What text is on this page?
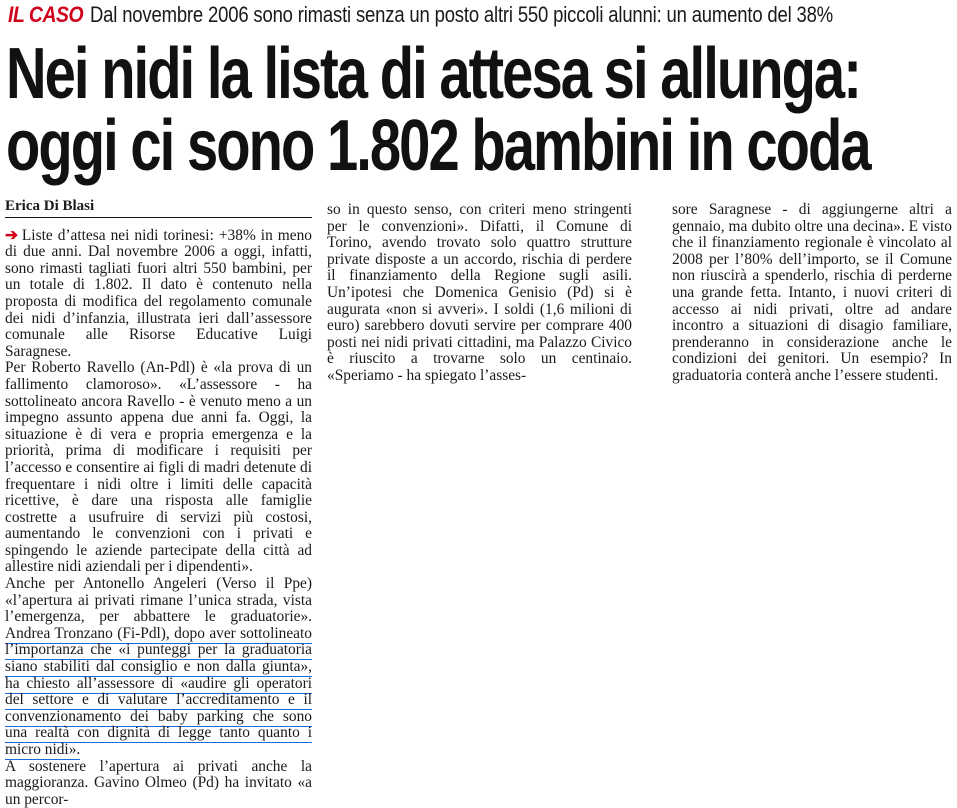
IL CASO Dal novembre 2006 sono rimasti senza un posto altri 550 piccoli alunni: un aumento del 38%
Nei nidi la lista di attesa si allunga:
oggi ci sono 1.802 bambini in coda

Erica Di Blasi

➔ Liste d’attesa nei nidi torinesi: +38% in meno di due anni. Dal novembre 2006 a oggi, infatti, sono rimasti tagliati fuori altri 550 bambini, per un totale di 1.802. Il dato è contenuto nella proposta di modifica del regolamento comunale dei nidi d’infanzia, illustrata ieri dall’assessore comunale alle Risorse Educative Luigi Saragnese.

Per Roberto Ravello (An-Pdl) è «la prova di un fallimento clamoroso». «L’assessore - ha sottolineato ancora Ravello - è venuto meno a un impegno assunto appena due anni fa. Oggi, la situazione è di vera e propria emergenza e la priorità, prima di modificare i requisiti per l’accesso e consentire ai figli di madri detenute di frequentare i nidi oltre i limiti delle capacità ricettive, è dare una risposta alle famiglie costrette a usufruire di servizi più costosi, aumentando le convenzioni con i privati e spingendo le aziende partecipate della città ad allestire nidi aziendali per i dipendenti».

Anche per Antonello Angeleri (Verso il Ppe) «l’apertura ai privati rimane l’unica strada, vista l’emergenza, per abbattere le graduatorie». Andrea Tronzano (Fi-Pdl), dopo aver sottolineato l’importanza che «i punteggi per la graduatoria siano stabiliti dal consiglio e non dalla giunta», ha chiesto all’assessore di «audire gli operatori del settore e di valutare l’accreditamento e il convenzionamento dei baby parking che sono una realtà con dignità di legge tanto quanto i micro nidi».

A sostenere l’apertura ai privati anche la maggioranza. Gavino Olmeo (Pd) ha invitato «a un percor-

so in questo senso, con criteri meno stringenti per le convenzioni». Difatti, il Comune di Torino, avendo trovato solo quattro strutture private disposte a un accordo, rischia di perdere il finanziamento della Regione sugli asili. Un’ipotesi che Domenica Genisio (Pd) si è augurata «non si avveri». I soldi (1,6 milioni di euro) sarebbero dovuti servire per comprare 400 posti nei nidi privati cittadini, ma Palazzo Civico è riuscito a trovarne solo un centinaio. «Speriamo - ha spiegato l’asses-

sore Saragnese - di aggiungerne altri a gennaio, ma dubito oltre una decina». E visto che il finanziamento regionale è vincolato al 2008 per l’80% dell’importo, se il Comune non riuscirà a spenderlo, rischia di perderne una grande fetta. Intanto, i nuovi criteri di accesso ai nidi privati, oltre ad andare incontro a situazioni di disagio familiare, prenderanno in considerazione anche le condizioni dei genitori. Un esempio? In graduatoria conterà anche l’essere studenti.
